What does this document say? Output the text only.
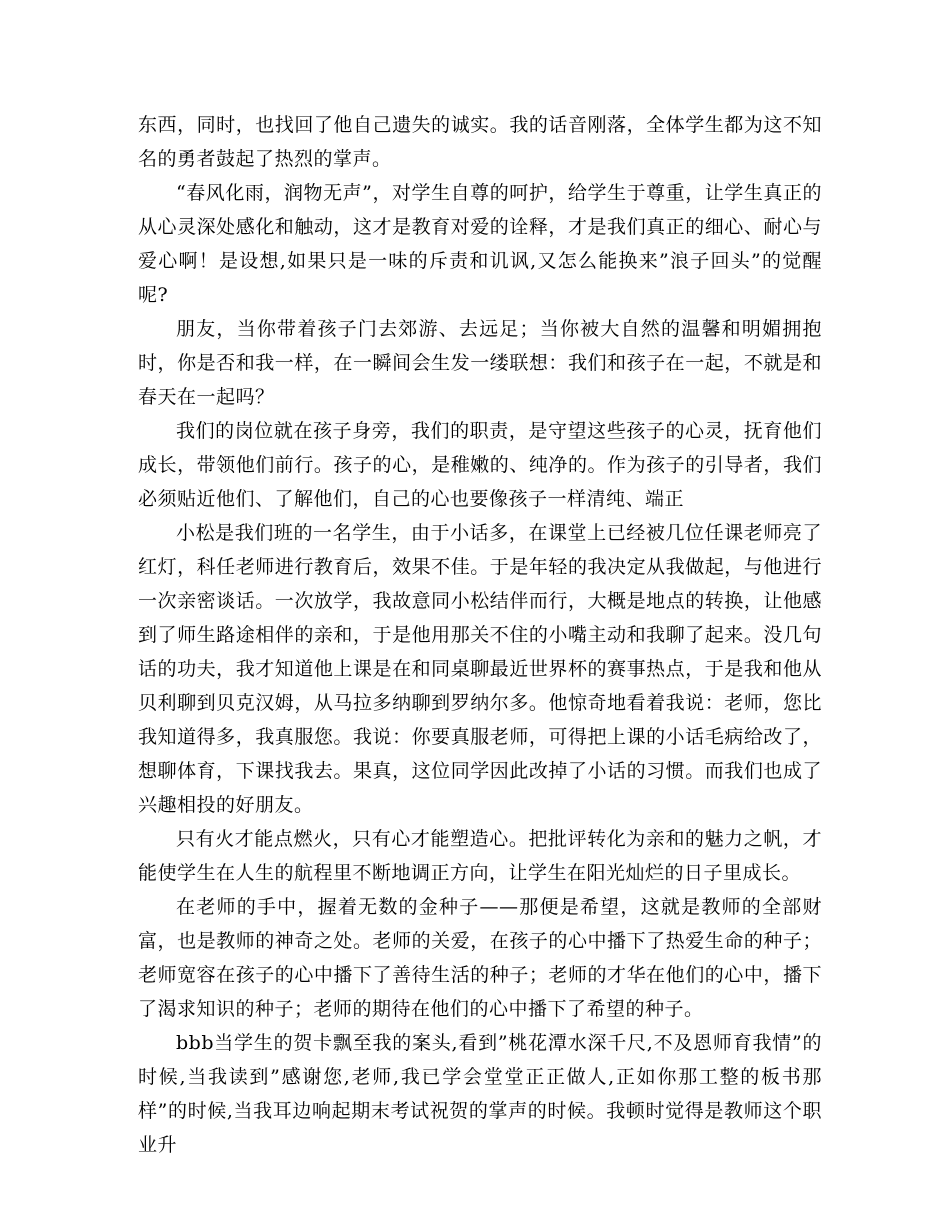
东西，同时，也找回了他自己遗失的诚实。我的话音刚落，全体学生都为这不知名的勇者鼓起了热烈的掌声。

“春风化雨，润物无声”，对学生自尊的呵护，给学生于尊重，让学生真正的从心灵深处感化和触动，这才是教育对爱的诠释，才是我们真正的细心、耐心与爱心啊！是设想,如果只是一味的斥责和讥讽,又怎么能换来”浪子回头”的觉醒呢?

朋友，当你带着孩子门去郊游、去远足；当你被大自然的温馨和明媚拥抱时，你是否和我一样，在一瞬间会生发一缕联想：我们和孩子在一起，不就是和春天在一起吗？

我们的岗位就在孩子身旁，我们的职责，是守望这些孩子的心灵，抚育他们成长，带领他们前行。孩子的心，是稚嫩的、纯净的。作为孩子的引导者，我们必须贴近他们、了解他们，自己的心也要像孩子一样清纯、端正

小松是我们班的一名学生，由于小话多，在课堂上已经被几位任课老师亮了红灯，科任老师进行教育后，效果不佳。于是年轻的我决定从我做起，与他进行一次亲密谈话。一次放学，我故意同小松结伴而行，大概是地点的转换，让他感到了师生路途相伴的亲和，于是他用那关不住的小嘴主动和我聊了起来。没几句话的功夫，我才知道他上课是在和同桌聊最近世界杯的赛事热点，于是我和他从贝利聊到贝克汉姆，从马拉多纳聊到罗纳尔多。他惊奇地看着我说：老师，您比我知道得多，我真服您。我说：你要真服老师，可得把上课的小话毛病给改了，想聊体育，下课找我去。果真，这位同学因此改掉了小话的习惯。而我们也成了兴趣相投的好朋友。

只有火才能点燃火，只有心才能塑造心。把批评转化为亲和的魅力之帆，才能使学生在人生的航程里不断地调正方向，让学生在阳光灿烂的日子里成长。

在老师的手中，握着无数的金种子——那便是希望，这就是教师的全部财富，也是教师的神奇之处。老师的关爱，在孩子的心中播下了热爱生命的种子；老师宽容在孩子的心中播下了善待生活的种子；老师的才华在他们的心中，播下了渴求知识的种子；老师的期待在他们的心中播下了希望的种子。

bbb当学生的贺卡飘至我的案头,看到”桃花潭水深千尺,不及恩师育我情”的时候,当我读到”感谢您,老师,我已学会堂堂正正做人,正如你那工整的板书那样”的时候,当我耳边响起期末考试祝贺的掌声的时候。我顿时觉得是教师这个职业升
